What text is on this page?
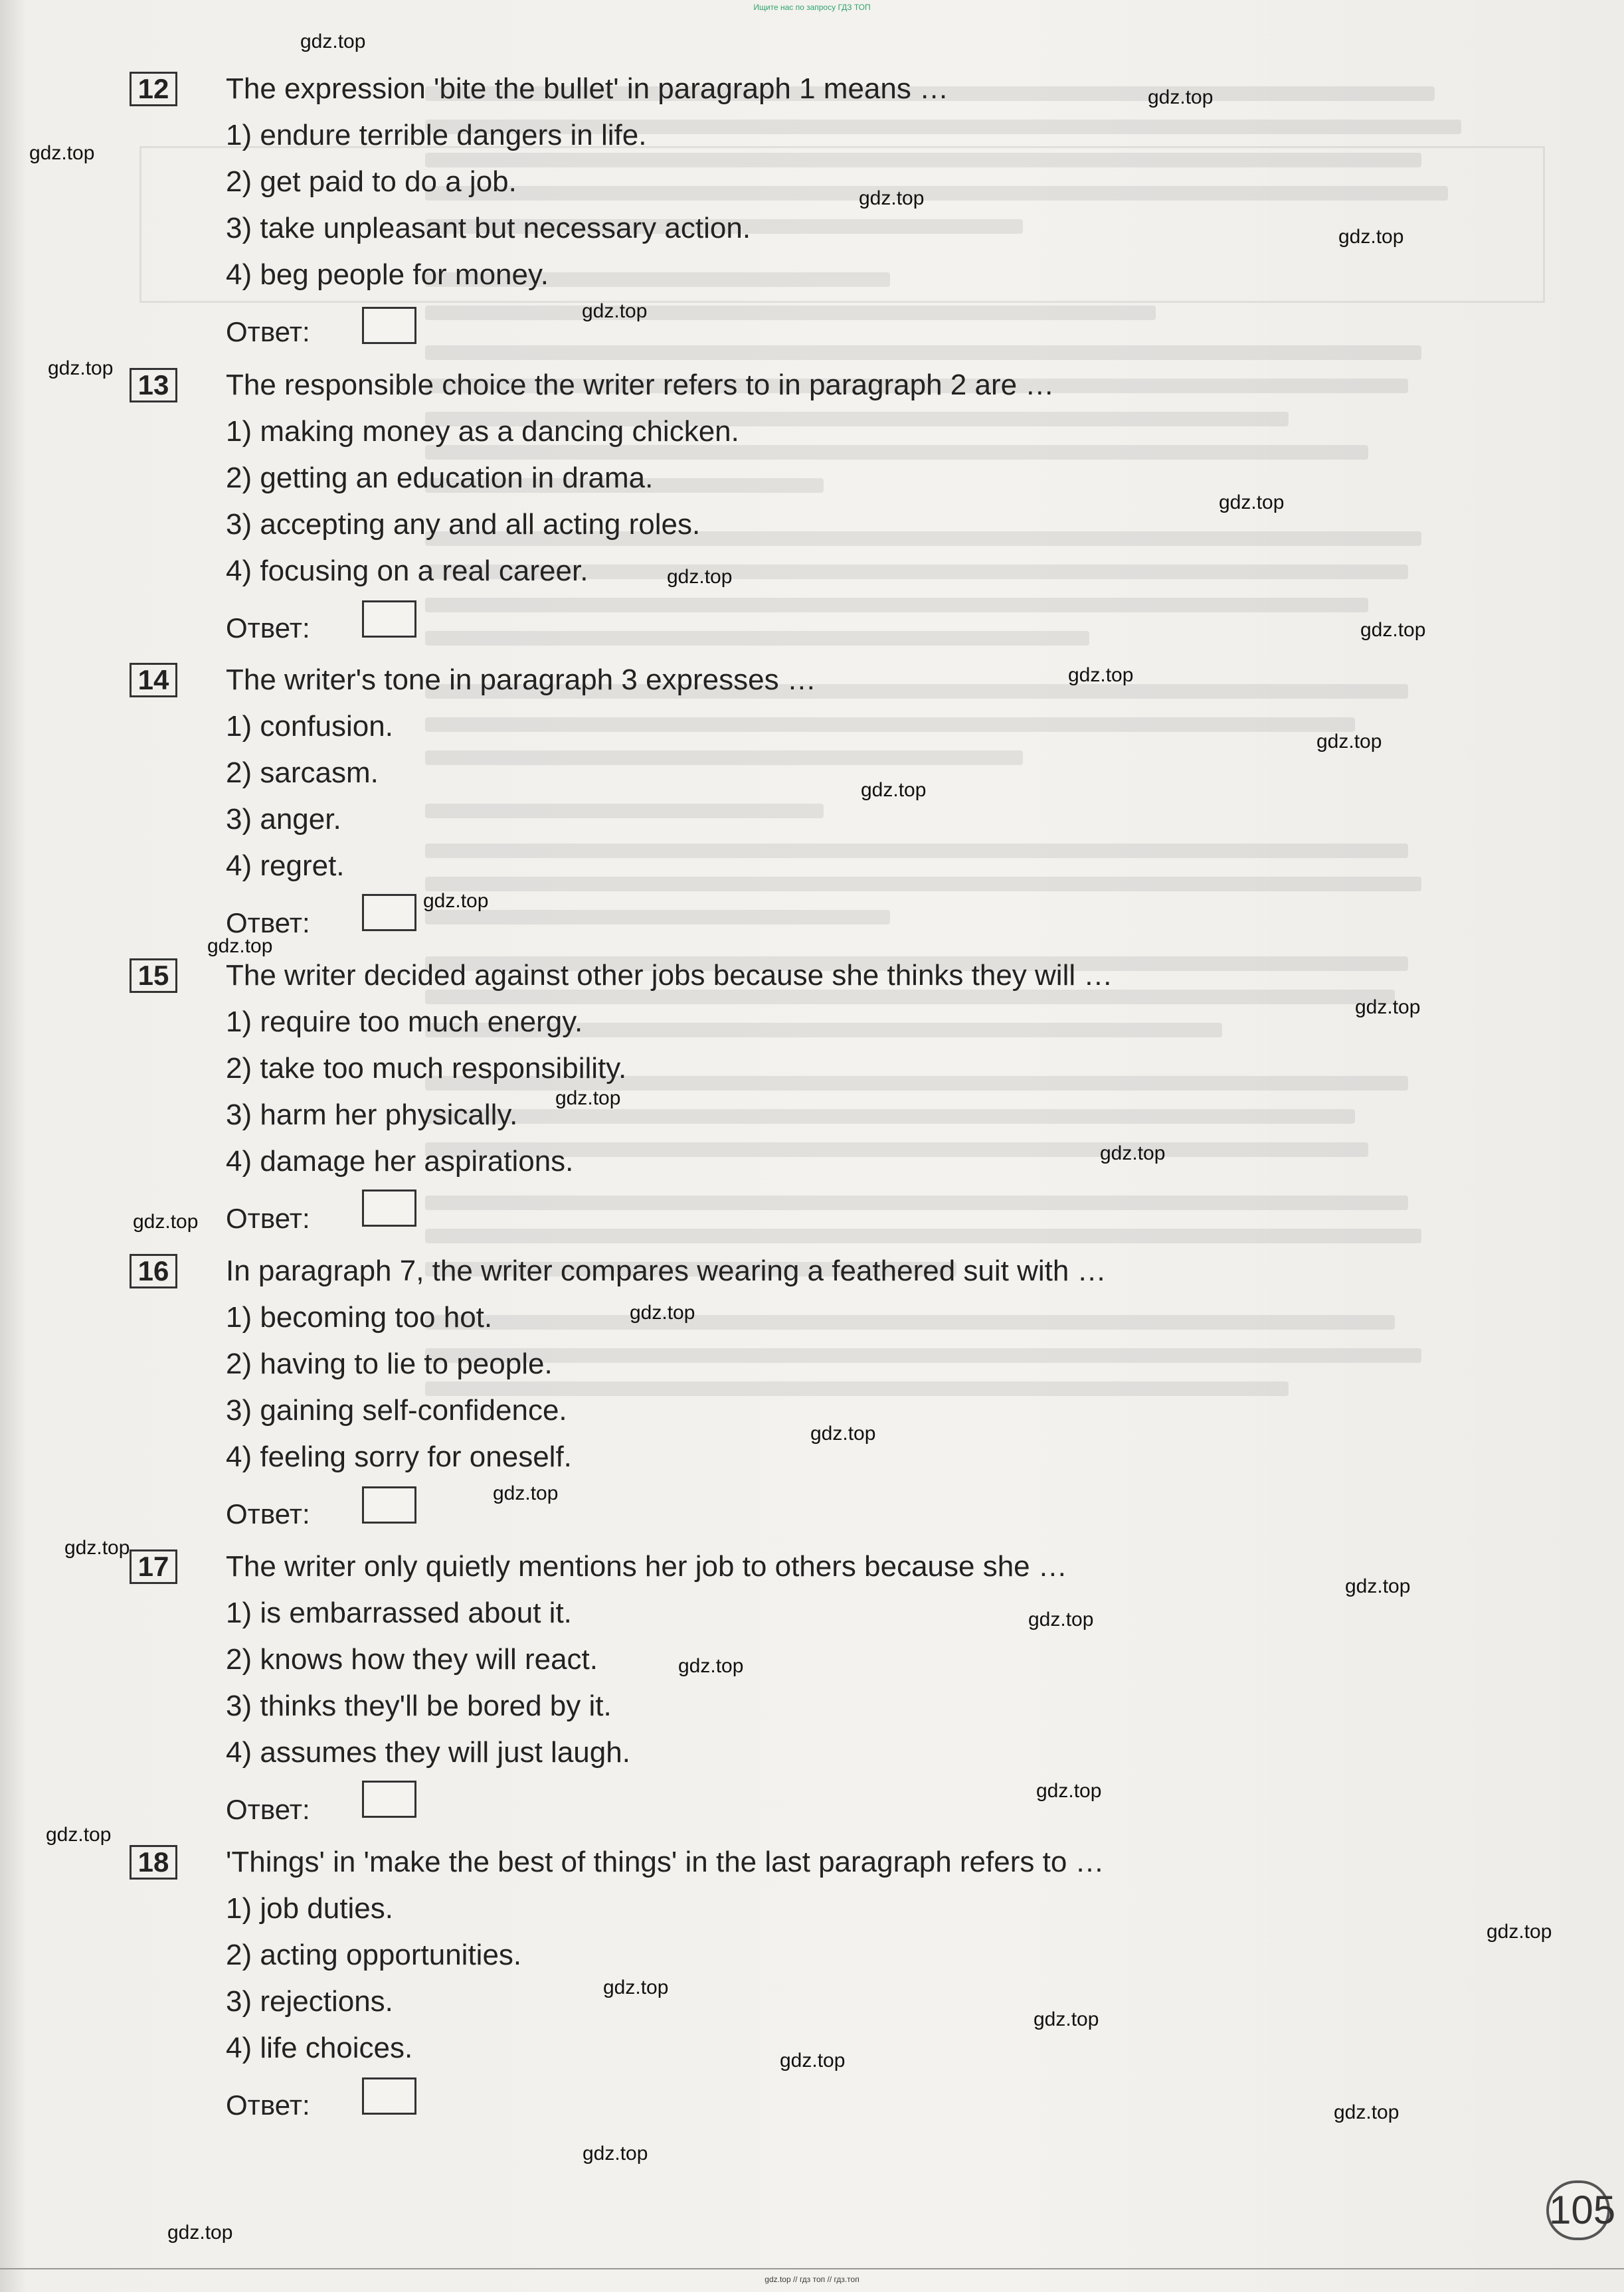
Ищите нас по запросу ГДЗ ТОП
12 The expression 'bite the bullet' in paragraph 1 means …
1) endure terrible dangers in life.
2) get paid to do a job.
3) take unpleasant but necessary action.
4) beg people for money.
Ответ:
13 The responsible choice the writer refers to in paragraph 2 are …
1) making money as a dancing chicken.
2) getting an education in drama.
3) accepting any and all acting roles.
4) focusing on a real career.
Ответ:
14 The writer's tone in paragraph 3 expresses …
1) confusion.
2) sarcasm.
3) anger.
4) regret.
Ответ:
15 The writer decided against other jobs because she thinks they will …
1) require too much energy.
2) take too much responsibility.
3) harm her physically.
4) damage her aspirations.
Ответ:
16 In paragraph 7, the writer compares wearing a feathered suit with …
1) becoming too hot.
2) having to lie to people.
3) gaining self-confidence.
4) feeling sorry for oneself.
Ответ:
17 The writer only quietly mentions her job to others because she …
1) is embarrassed about it.
2) knows how they will react.
3) thinks they'll be bored by it.
4) assumes they will just laugh.
Ответ:
18 'Things' in 'make the best of things' in the last paragraph refers to …
1) job duties.
2) acting opportunities.
3) rejections.
4) life choices.
Ответ:
gdz.top
gdz.top
gdz.top
gdz.top
gdz.top
gdz.top
gdz.top
gdz.top
gdz.top
gdz.top
gdz.top
gdz.top
gdz.top
gdz.top
gdz.top
gdz.top
gdz.top
gdz.top
gdz.top
gdz.top
gdz.top
gdz.top
gdz.top
gdz.top
gdz.top
gdz.top
gdz.top
gdz.top
gdz.top
gdz.top
gdz.top
gdz.top
gdz.top
gdz.top
gdz.top
105
gdz.top // гдз топ // гдз.топ
